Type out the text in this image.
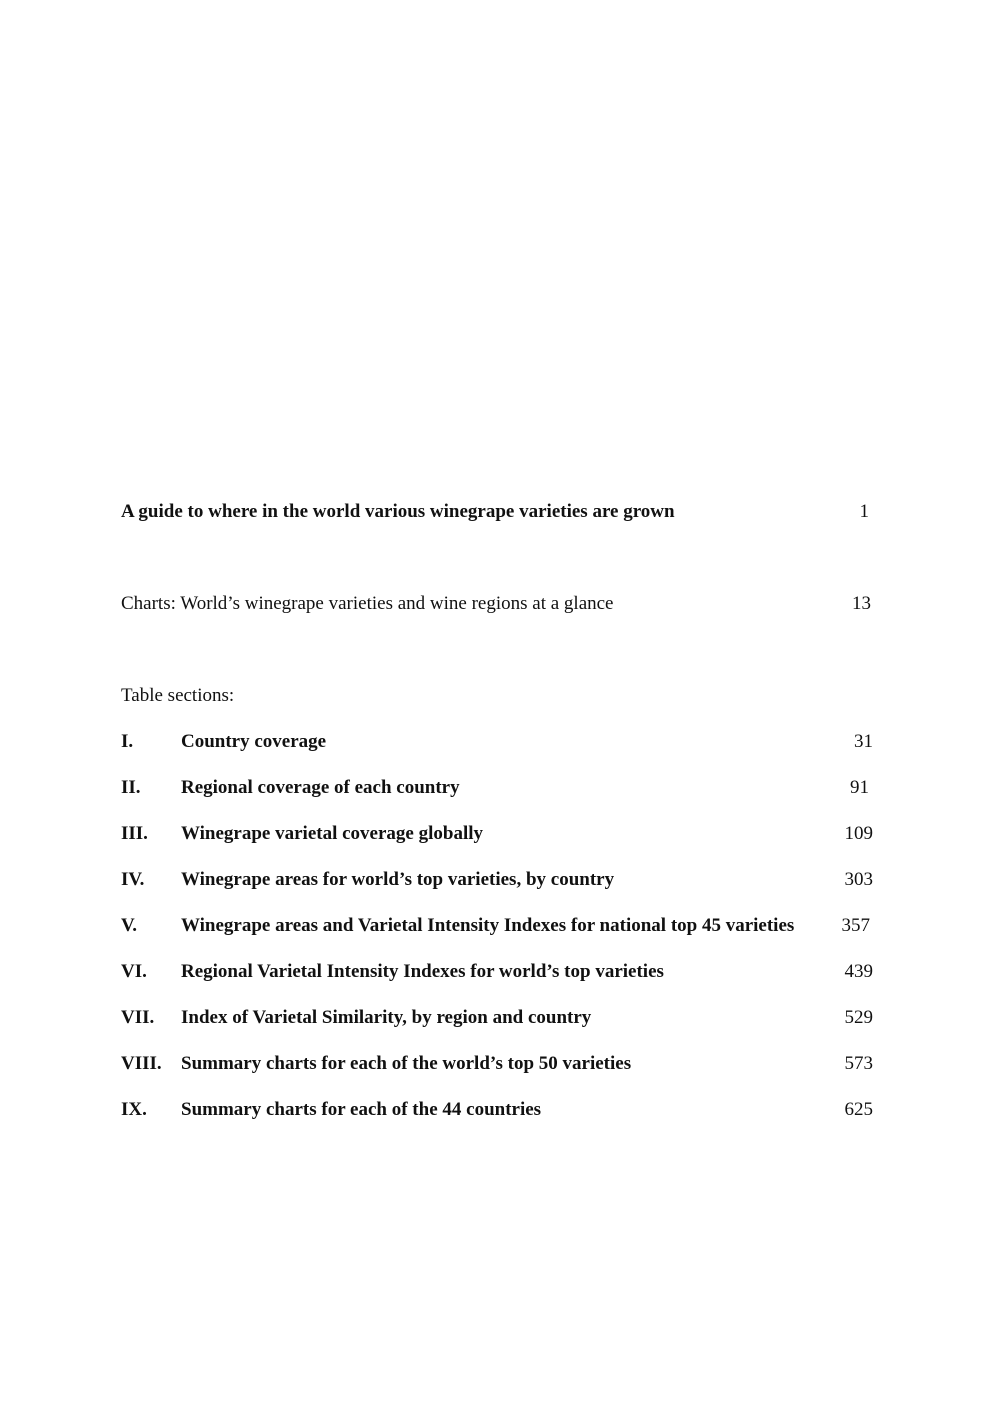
A guide to where in the world various winegrape varieties are grown	1
Charts: World’s winegrape varieties and wine regions at a glance	13
Table sections:
I.	Country coverage	31
II. Regional coverage of each country	91
III. Winegrape varietal coverage globally	109
IV. Winegrape areas for world’s top varieties, by country	303
V. Winegrape areas and Varietal Intensity Indexes for national top 45 varieties 357
VI. Regional Varietal Intensity Indexes for world’s top varieties	439
VII. Index of Varietal Similarity, by region and country	529
VIII. Summary charts for each of the world’s top 50 varieties	573
IX. Summary charts for each of the 44 countries	625
